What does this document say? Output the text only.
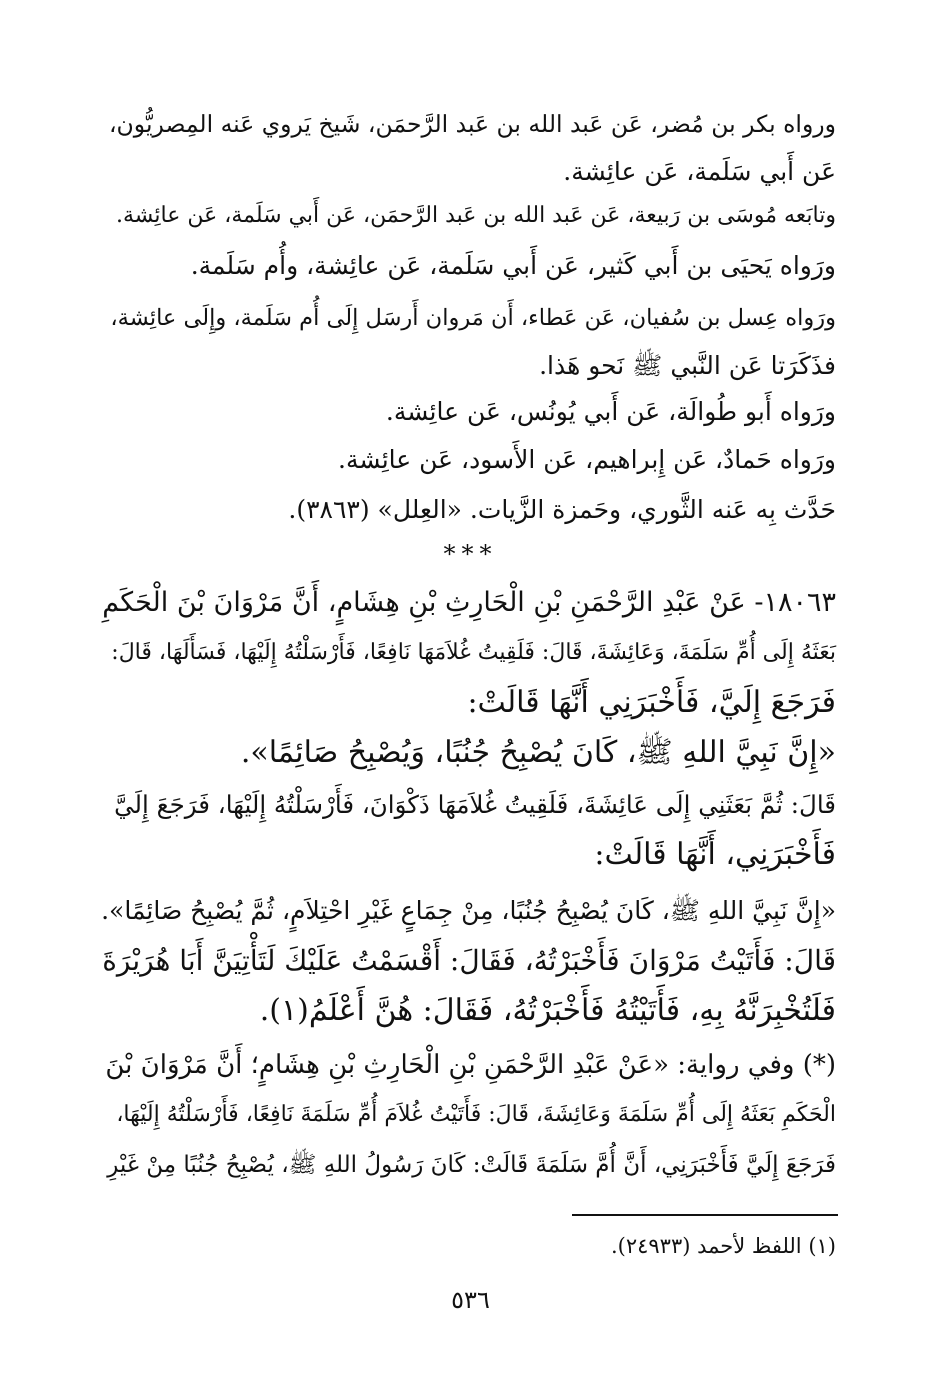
ورواه بكر بن مُضر، عَن عَبد الله بن عَبد الرَّحمَن، شَيخ يَروي عَنه المِصريُّون،
عَن أَبي سَلَمة، عَن عائِشة.

وتابَعه مُوسَى بن رَبيعة، عَن عَبد الله بن عَبد الرَّحمَن، عَن أَبي سَلَمة، عَن عائِشة.

ورَواه يَحيَى بن أَبي كَثير، عَن أَبي سَلَمة، عَن عائِشة، وأُم سَلَمة.

ورَواه عِسل بن سُفيان، عَن عَطاء، أَن مَروان أَرسَل إِلَى أُم سَلَمة، وإِلَى عائِشة،
فذَكَرَتا عَن النَّبي ﷺ نَحو هَذا.

ورَواه أَبو طُوالَة، عَن أَبي يُونُس، عَن عائِشة.

ورَواه حَمادٌ، عَن إِبراهيم، عَن الأَسود، عَن عائِشة.

حَدَّث بِه عَنه الثَّوري، وحَمزة الزَّيات. «العِلل» (٣٨٦٣).

***

١٨٠٦٣- عَنْ عَبْدِ الرَّحْمَنِ بْنِ الْحَارِثِ بْنِ هِشَامٍ، أَنَّ مَرْوَانَ بْنَ الْحَكَمِ
بَعَثَهُ إِلَى أُمِّ سَلَمَةَ، وَعَائِشَةَ، قَالَ: فَلَقِيتُ غُلاَمَهَا نَافِعًا، فَأَرْسَلْتُهُ إِلَيْهَا، فَسَأَلَهَا، قَالَ:
فَرَجَعَ إِلَيَّ، فَأَخْبَرَنِي أَنَّهَا قَالَتْ:

«إِنَّ نَبِيَّ اللهِ ﷺ، كَانَ يُصْبِحُ جُنُبًا، وَيُصْبِحُ صَائِمًا».

قَالَ: ثُمَّ بَعَثَنِي إِلَى عَائِشَةَ، فَلَقِيتُ غُلاَمَهَا ذَكْوَانَ، فَأَرْسَلْتُهُ إِلَيْهَا، فَرَجَعَ إِلَيَّ
فَأَخْبَرَنِي، أَنَّهَا قَالَتْ:

«إِنَّ نَبِيَّ اللهِ ﷺ، كَانَ يُصْبِحُ جُنُبًا، مِنْ جِمَاعٍ غَيْرِ احْتِلاَمٍ، ثُمَّ يُصْبِحُ صَائِمًا».

قَالَ: فَأَتَيْتُ مَرْوَانَ فَأَخْبَرْتُهُ، فَقَالَ: أَقْسَمْتُ عَلَيْكَ لَتَأْتِيَنَّ أَبَا هُرَيْرَةَ
فَلَتُخْبِرَنَّهُ بِهِ، فَأَتَيْتُهُ فَأَخْبَرْتُهُ، فَقَالَ: هُنَّ أَعْلَمُ(١).

(*) وفي رواية: «عَنْ عَبْدِ الرَّحْمَنِ بْنِ الْحَارِثِ بْنِ هِشَامٍ؛ أَنَّ مَرْوَانَ بْنَ
الْحَكَمِ بَعَثَهُ إِلَى أُمِّ سَلَمَةَ وَعَائِشَةَ، قَالَ: فَأَتَيْتُ غُلاَمَ أُمِّ سَلَمَةَ نَافِعًا، فَأَرْسَلْتُهُ إِلَيْهَا،
فَرَجَعَ إِلَيَّ فَأَخْبَرَنِي، أَنَّ أُمَّ سَلَمَةَ قَالَتْ: كَانَ رَسُولُ اللهِ ﷺ، يُصْبِحُ جُنُبًا مِنْ غَيْرِ

(١) اللفظ لأحمد (٢٤٩٣٣).
٥٣٦
